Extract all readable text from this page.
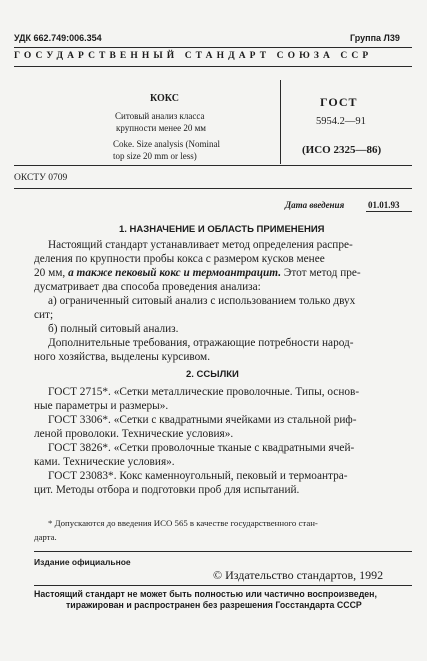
УДК 662.749:006.354	Группа Л39
ГОСУДАРСТВЕННЫЙ СТАНДАРТ СОЮЗА ССР
КОКС
Ситовый анализ класса
крупности менее 20 мм
Coke. Size analysis (Nominal
top size 20 mm or less)
ГОСТ
5954.2—91
(ИСО 2325—86)
ОКСТУ 0709
Дата введения	01.01.93
1. НАЗНАЧЕНИЕ И ОБЛАСТЬ ПРИМЕНЕНИЯ
Настоящий стандарт устанавливает метод определения распре-
деления по крупности пробы кокса с размером кусков менее
20 мм, а также пековый кокс и термоантрацит. Этот метод пре-
дусматривает два способа проведения анализа:
а) ограниченный ситовый анализ с использованием только двух
сит;
б) полный ситовый анализ.
Дополнительные требования, отражающие потребности народ-
ного хозяйства, выделены курсивом.
2. ССЫЛКИ
ГОСТ 2715*. «Сетки металлические проволочные. Типы, основ-
ные параметры и размеры».
ГОСТ 3306*. «Сетки с квадратными ячейками из стальной риф-
леной проволоки. Технические условия».
ГОСТ 3826*. «Сетки проволочные тканые с квадратными ячей-
ками. Технические условия».
ГОСТ 23083*. Кокс каменноугольный, пековый и термоантра-
цит. Методы отбора и подготовки проб для испытаний.
* Допускаются до введения ИСО 565 в качестве государственного стан-
дарта.
Издание официальное
© Издательство стандартов, 1992
Настоящий стандарт не может быть полностью или частично воспроизведен,
тиражирован и распространен без разрешения Госстандарта СССР
